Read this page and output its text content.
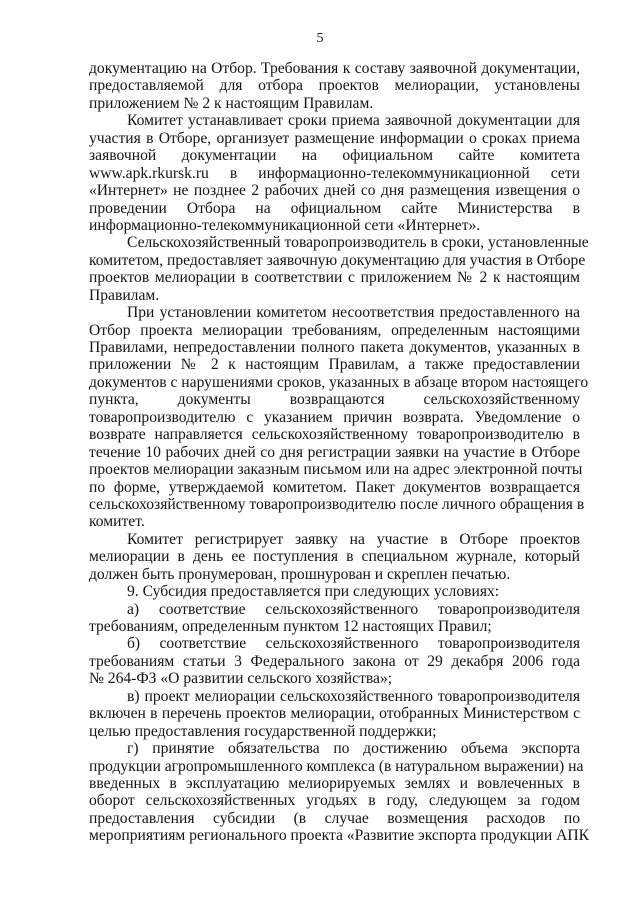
5
документацию на Отбор. Требования к составу заявочной документации,
предоставляемой для отбора проектов мелиорации, установлены
приложением № 2 к настоящим Правилам.
Комитет устанавливает сроки приема заявочной документации для
участия в Отборе, организует размещение информации о сроках приема
заявочной документации на официальном сайте комитета
www.apk.rkursk.ru в информационно-телекоммуникационной сети
«Интернет» не позднее 2 рабочих дней со дня размещения извещения о
проведении Отбора на официальном сайте Министерства в
информационно-телекоммуникационной сети «Интернет».
Сельскохозяйственный товаропроизводитель в сроки, установленные
комитетом, предоставляет заявочную документацию для участия в Отборе
проектов мелиорации в соответствии с приложением № 2 к настоящим
Правилам.
При установлении комитетом несоответствия предоставленного на
Отбор проекта мелиорации требованиям, определенным настоящими
Правилами, непредоставлении полного пакета документов, указанных в
приложении № 2 к настоящим Правилам, а также предоставлении
документов с нарушениями сроков, указанных в абзаце втором настоящего
пункта, документы возвращаются сельскохозяйственному
товаропроизводителю с указанием причин возврата. Уведомление о
возврате направляется сельскохозяйственному товаропроизводителю в
течение 10 рабочих дней со дня регистрации заявки на участие в Отборе
проектов мелиорации заказным письмом или на адрес электронной почты
по форме, утверждаемой комитетом. Пакет документов возвращается
сельскохозяйственному товаропроизводителю после личного обращения в
комитет.
Комитет регистрирует заявку на участие в Отборе проектов
мелиорации в день ее поступления в специальном журнале, который
должен быть пронумерован, прошнурован и скреплен печатью.
9. Субсидия предоставляется при следующих условиях:
а) соответствие сельскохозяйственного товаропроизводителя
требованиям, определенным пунктом 12 настоящих Правил;
б) соответствие сельскохозяйственного товаропроизводителя
требованиям статьи 3 Федерального закона от 29 декабря 2006 года
№ 264-ФЗ «О развитии сельского хозяйства»;
в) проект мелиорации сельскохозяйственного товаропроизводителя
включен в перечень проектов мелиорации, отобранных Министерством с
целью предоставления государственной поддержки;
г) принятие обязательства по достижению объема экспорта
продукции агропромышленного комплекса (в натуральном выражении) на
введенных в эксплуатацию мелиорируемых землях и вовлеченных в
оборот сельскохозяйственных угодьях в году, следующем за годом
предоставления субсидии (в случае возмещения расходов по
мероприятиям регионального проекта «Развитие экспорта продукции АПК
